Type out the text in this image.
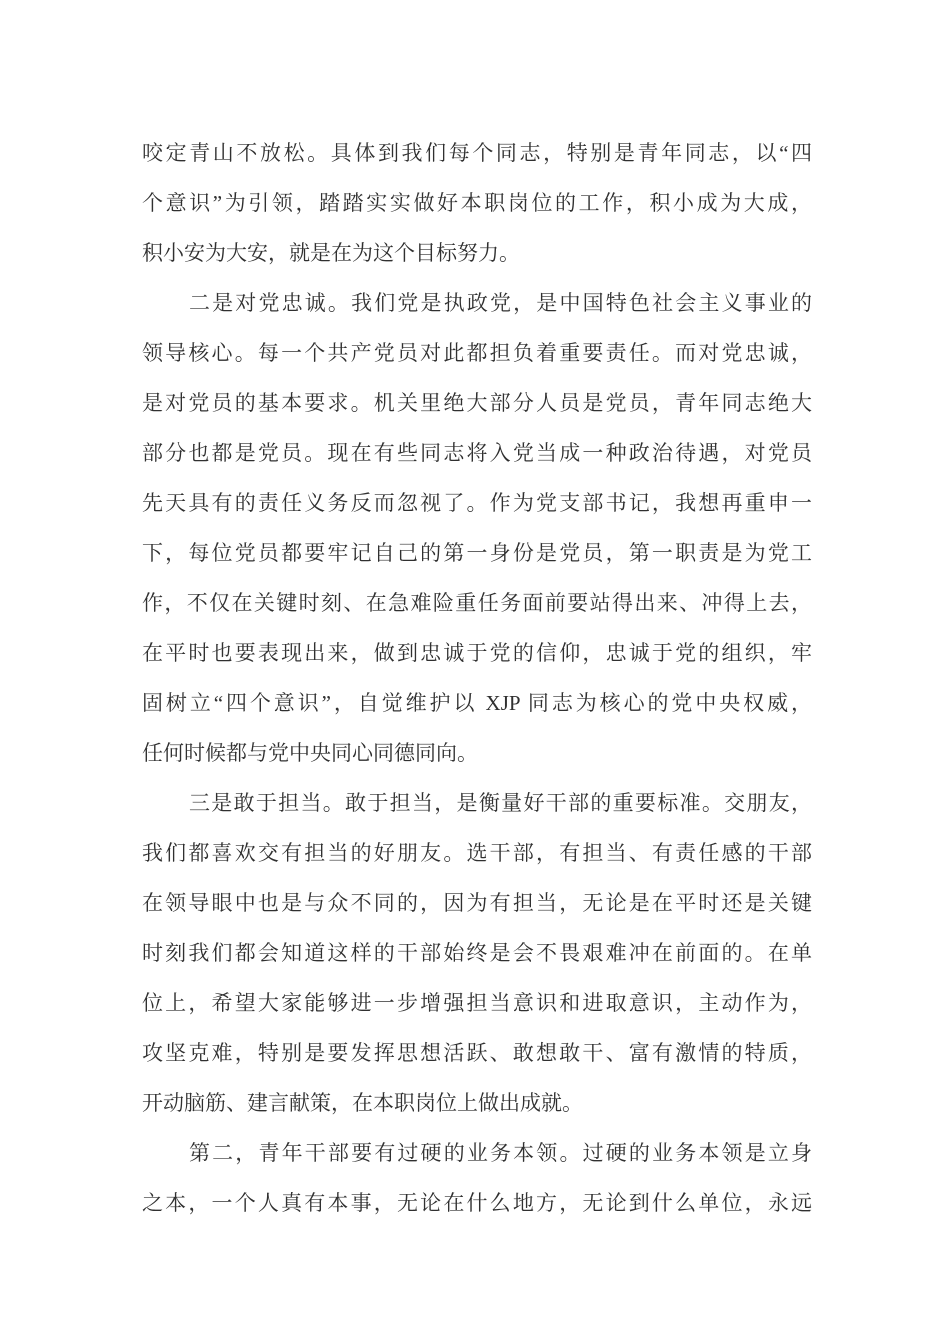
咬定青山不放松。具体到我们每个同志，特别是青年同志，以“四
个意识”为引领，踏踏实实做好本职岗位的工作，积小成为大成，
积小安为大安，就是在为这个目标努力。
二是对党忠诚。我们党是执政党，是中国特色社会主义事业的
领导核心。每一个共产党员对此都担负着重要责任。而对党忠诚，
是对党员的基本要求。机关里绝大部分人员是党员，青年同志绝大
部分也都是党员。现在有些同志将入党当成一种政治待遇，对党员
先天具有的责任义务反而忽视了。作为党支部书记，我想再重申一
下，每位党员都要牢记自己的第一身份是党员，第一职责是为党工
作，不仅在关键时刻、在急难险重任务面前要站得出来、冲得上去，
在平时也要表现出来，做到忠诚于党的信仰，忠诚于党的组织，牢
固树立“四个意识”，自觉维护以 XJP 同志为核心的党中央权威，
任何时候都与党中央同心同德同向。
三是敢于担当。敢于担当，是衡量好干部的重要标准。交朋友，
我们都喜欢交有担当的好朋友。选干部，有担当、有责任感的干部
在领导眼中也是与众不同的，因为有担当，无论是在平时还是关键
时刻我们都会知道这样的干部始终是会不畏艰难冲在前面的。在单
位上，希望大家能够进一步增强担当意识和进取意识，主动作为，
攻坚克难，特别是要发挥思想活跃、敢想敢干、富有激情的特质，
开动脑筋、建言献策，在本职岗位上做出成就。
第二，青年干部要有过硬的业务本领。过硬的业务本领是立身
之本，一个人真有本事，无论在什么地方，无论到什么单位，永远
